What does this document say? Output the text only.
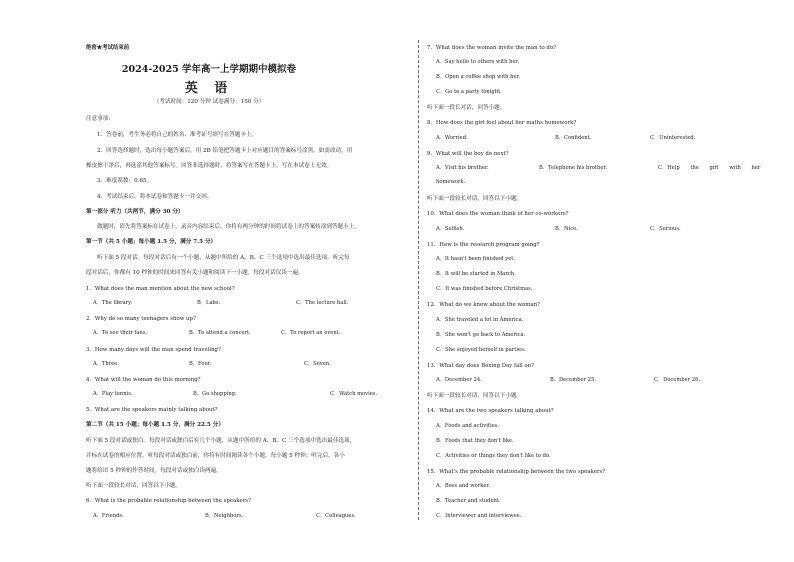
绝密★考试结束前
2024-2025 学年高一上学期期中模拟卷
英 语
（考试时间：120 分钟 试卷满分：150 分）
注意事项：
1．答卷前，考生务必将自己的姓名、准考证号填写在答题卡上。
2．回答选择题时，选出每小题答案后，用 2B 铅笔把答题卡上对应题目的答案标号涂黑。如需改动，用
橡皮擦干净后，再选涂其他答案标号。回答非选择题时，将答案写在答题卡上。写在本试卷上无效。
3．难度系数：0.65。
4．考试结束后，将本试卷和答题卡一并交回。
第一部分 听力（共两节，满分 30 分）
做题时，请先将答案标在试卷上。录音内容结束后，你将有两分钟的时间将试卷上的答案转涂到答题卡上。
第一节（共 5 小题；每小题 1.5 分，满分 7.5 分）
听下面 5 段对话。每段对话后有一个小题，从题中所给的 A、B、C 三个选项中选出最佳选项。听完每
段对话后，你都有 10 秒钟的时间来回答有关小题和阅读下一小题。每段对话仅读一遍。
1．What does the man mention about the new school?
A．The library.	B．Labs.	C．The lecture hall.
2．Why do so many teenagers show up?
A．To see their fans.	B．To attend a concert.	C．To report an event.
3．How many days will the man spend traveling?
A．Three.	B．Four.	C．Seven.
4．What will the woman do this morning?
A．Play tennis.	B．Go shopping.	C．Watch movies.
5．What are the speakers mainly talking about?
第二节（共 15 小题；每小题 1.5 分，满分 22.5 分）
听下面 5 段对话或独白。每段对话或独白后有几个小题，从题中所给的 A、B、C 三个选项中选出最佳选项，
并标在试卷的相应位置。听每段对话或独白前，你将有时间阅读各个小题，每小题 5 秒钟；听完后，各小
题将给出 5 秒钟的作答时间。每段对话或独白读两遍。
听下面一段较长对话，回答以下小题。
6．What is the probable relationship between the speakers?
A．Friends.	B．Neighbors.	C．Colleagues.
7．What does the woman invite the man to do?
A．Say hello to others with her.
B．Open a coffee shop with her.
C．Go to a party tonight.
听下面一段长对话，回答小题。
8．How does the girl feel about her maths homework?
A．Worried.	B．Confident.	C．Uninterested.
9．What will the boy do next?
A．Visit his brother.	B．Telephone his brother.	C．Help the girl with her
homework.
听下面一段较长对话，回答以下小题。
10．What does the woman think of her co-workers?
A．Selfish.	B．Nice.	C．Serious.
11．How is the research program going?
A．It hasn't been finished yet.
B．It will be started in March.
C．It was finished before Christmas.
12．What do we know about the woman?
A．She traveled a lot in America.
B．She won't go back to America.
C．She enjoyed herself in parties.
13．What day does Boxing Day fall on?
A．December 24.	B．December 25.	C．December 26.
听下面一段较长对话，回答以下小题。
14．What are the two speakers talking about?
A．Foods and activities.
B．Foods that they don't like.
C．Activities or things they don't like to do.
15．What's the probable relationship between the two speakers?
A．Boss and worker.
B．Teacher and student.
C．Interviewer and interviewee.
